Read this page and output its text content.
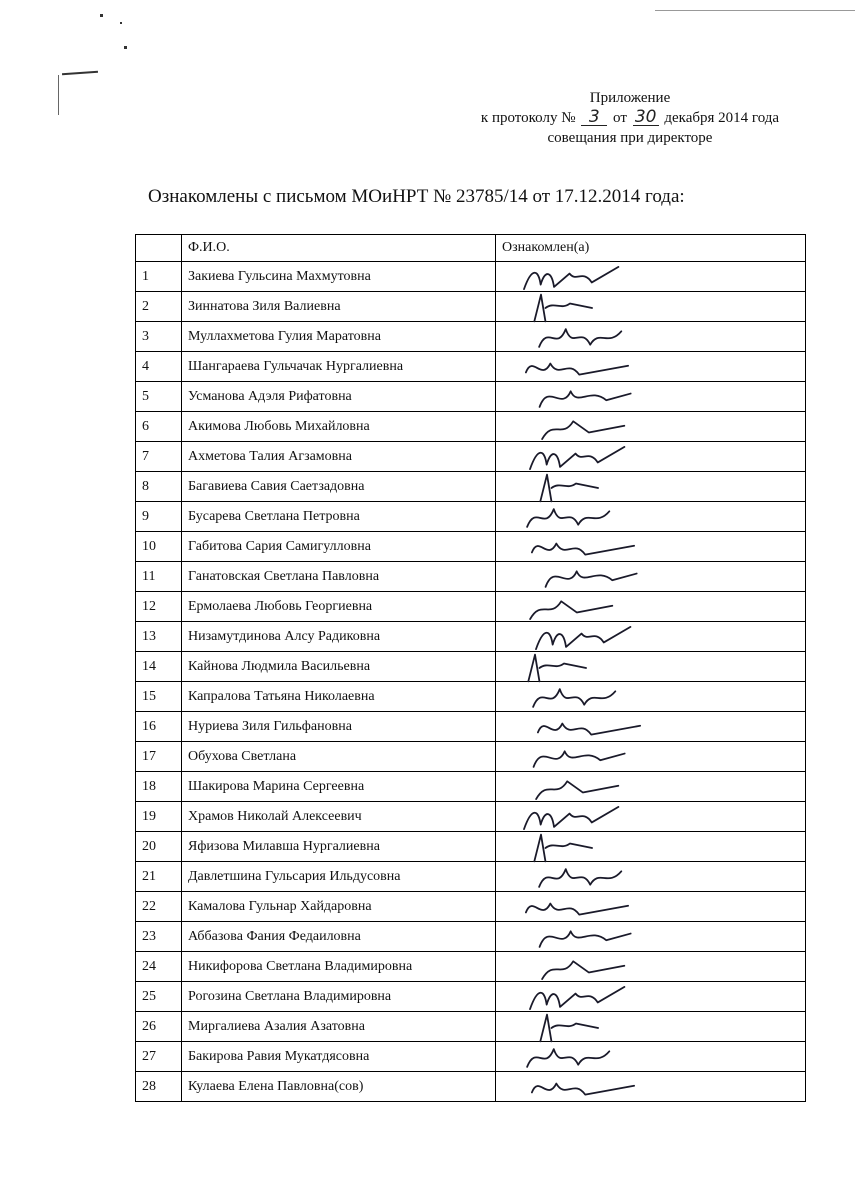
Приложение
к протоколу № 3 от 30 декабря 2014 года
совещания при директоре
Ознакомлены с письмом МОиНРТ № 23785/14 от 17.12.2014 года:
	Ф.И.О.	Ознакомлен(а)
1	Закиева Гульсина Махмутовна	

2	Зиннатова Зиля Валиевна	

3	Муллахметова Гулия Маратовна	

4	Шангараева Гульчачак Нургалиевна	

5	Усманова Адэля Рифатовна	

6	Акимова Любовь Михайловна	

7	Ахметова Талия Агзамовна	

8	Багавиева Савия Саетзадовна	

9	Бусарева Светлана Петровна	

10	Габитова Сария Самигулловна	

11	Ганатовская Светлана Павловна	

12	Ермолаева Любовь Георгиевна	

13	Низамутдинова Алсу Радиковна	

14	Кайнова Людмила Васильевна	

15	Капралова Татьяна Николаевна	

16	Нуриева Зиля Гильфановна	

17	Обухова Светлана	

18	Шакирова Марина Сергеевна	

19	Храмов Николай Алексеевич	

20	Яфизова Милавша Нургалиевна	

21	Давлетшина Гульсария Ильдусовна	

22	Камалова Гульнар Хайдаровна	

23	Аббазова Фания Федаиловна	

24	Никифорова Светлана Владимировна	

25	Рогозина Светлана Владимировна	

26	Миргалиева Азалия Азатовна	

27	Бакирова Равия Мукатдясовна	

28	Кулаева Елена Павловна(сов)	
